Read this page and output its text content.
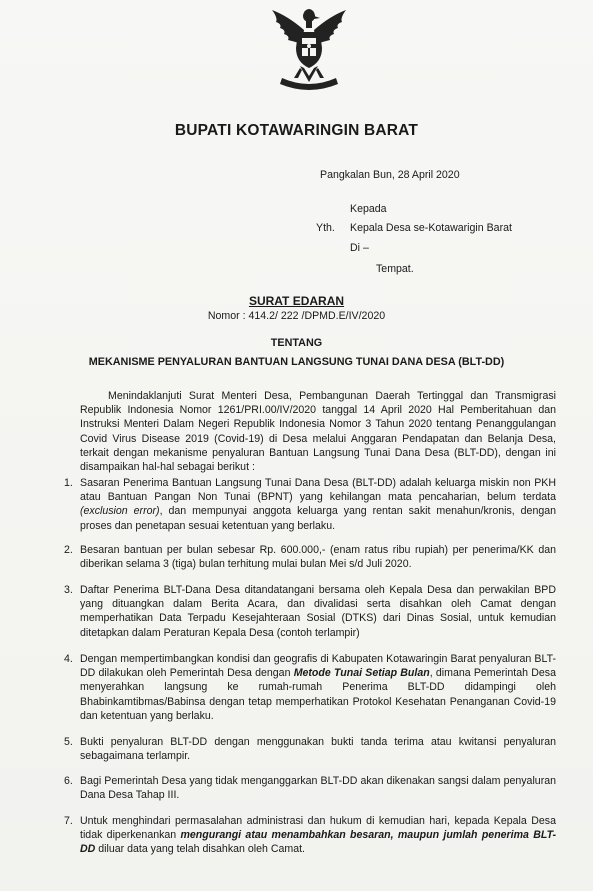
BUPATI KOTAWARINGIN BARAT
Pangkalan Bun, 28 April 2020
Kepada
Yth. Kepala Desa se-Kotawarigin Barat
Di –
Tempat.
SURAT EDARAN
Nomor : 414.2/ 222 /DPMD.E/IV/2020
TENTANG
MEKANISME PENYALURAN BANTUAN LANGSUNG TUNAI DANA DESA (BLT-DD)
Menindaklanjuti Surat Menteri Desa, Pembangunan Daerah Tertinggal dan Transmigrasi Republik Indonesia Nomor 1261/PRI.00/IV/2020 tanggal 14 April 2020 Hal Pemberitahuan dan Instruksi Menteri Dalam Negeri Republik Indonesia Nomor 3 Tahun 2020 tentang Penanggulangan Covid Virus Disease 2019 (Covid-19) di Desa melalui Anggaran Pendapatan dan Belanja Desa, terkait dengan mekanisme penyaluran Bantuan Langsung Tunai Dana Desa (BLT-DD), dengan ini disampaikan hal-hal sebagai berikut :
1. Sasaran Penerima Bantuan Langsung Tunai Dana Desa (BLT-DD) adalah keluarga miskin non PKH atau Bantuan Pangan Non Tunai (BPNT) yang kehilangan mata pencaharian, belum terdata (exclusion error), dan mempunyai anggota keluarga yang rentan sakit menahun/kronis, dengan proses dan penetapan sesuai ketentuan yang berlaku.
2. Besaran bantuan per bulan sebesar Rp. 600.000,- (enam ratus ribu rupiah) per penerima/KK dan diberikan selama 3 (tiga) bulan terhitung mulai bulan Mei s/d Juli 2020.
3. Daftar Penerima BLT-Dana Desa ditandatangani bersama oleh Kepala Desa dan perwakilan BPD yang dituangkan dalam Berita Acara, dan divalidasi serta disahkan oleh Camat dengan memperhatikan Data Terpadu Kesejahteraan Sosial (DTKS) dari Dinas Sosial, untuk kemudian ditetapkan dalam Peraturan Kepala Desa (contoh terlampir)
4. Dengan mempertimbangkan kondisi dan geografis di Kabupaten Kotawaringin Barat penyaluran BLT-DD dilakukan oleh Pemerintah Desa dengan Metode Tunai Setiap Bulan, dimana Pemerintah Desa menyerahkan langsung ke rumah-rumah Penerima BLT-DD didampingi oleh Bhabinkamtibmas/Babinsa dengan tetap memperhatikan Protokol Kesehatan Penanganan Covid-19 dan ketentuan yang berlaku.
5. Bukti penyaluran BLT-DD dengan menggunakan bukti tanda terima atau kwitansi penyaluran sebagaimana terlampir.
6. Bagi Pemerintah Desa yang tidak menganggarkan BLT-DD akan dikenakan sangsi dalam penyaluran Dana Desa Tahap III.
7. Untuk menghindari permasalahan administrasi dan hukum di kemudian hari, kepada Kepala Desa tidak diperkenankan mengurangi atau menambahkan besaran, maupun jumlah penerima BLT-DD diluar data yang telah disahkan oleh Camat.
